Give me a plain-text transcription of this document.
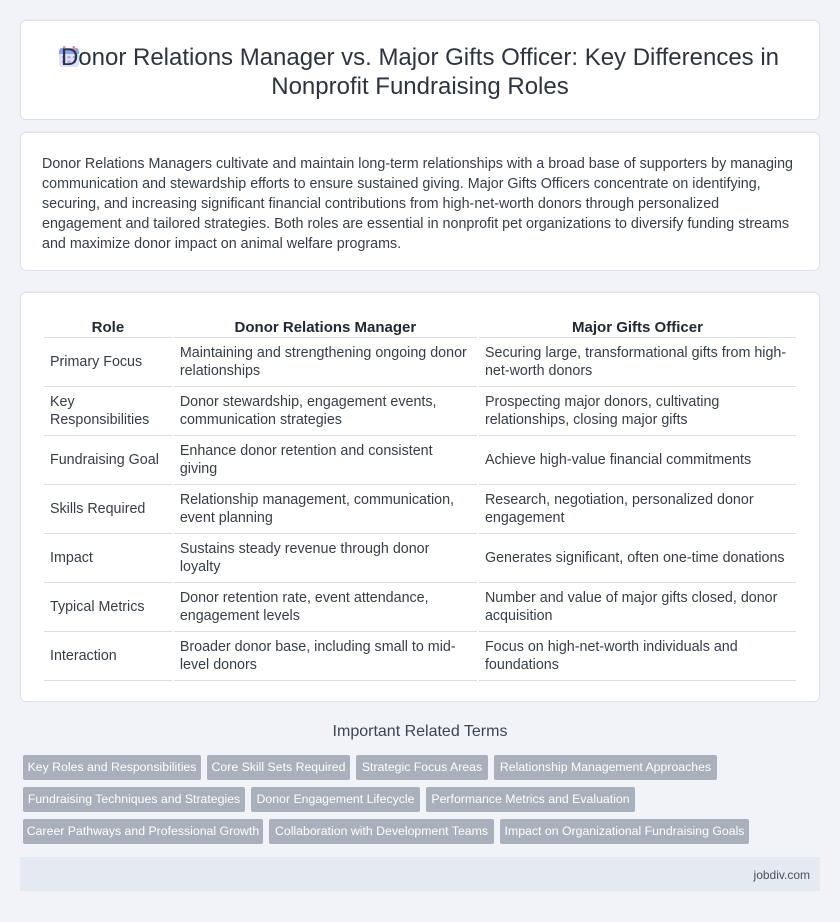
Donor Relations Manager vs. Major Gifts Officer: Key Differences in Nonprofit Fundraising Roles

Donor Relations Managers cultivate and maintain long-term relationships with a broad base of supporters by managing communication and stewardship efforts to ensure sustained giving. Major Gifts Officers concentrate on identifying, securing, and increasing significant financial contributions from high-net-worth donors through personalized engagement and tailored strategies. Both roles are essential in nonprofit pet organizations to diversify funding streams and maximize donor impact on animal welfare programs.

Role	Donor Relations Manager	Major Gifts Officer
Primary Focus	Maintaining and strengthening ongoing donor relationships	Securing large, transformational gifts from high-net-worth donors
Key Responsibilities	Donor stewardship, engagement events, communication strategies	Prospecting major donors, cultivating relationships, closing major gifts
Fundraising Goal	Enhance donor retention and consistent giving	Achieve high-value financial commitments
Skills Required	Relationship management, communication, event planning	Research, negotiation, personalized donor engagement
Impact	Sustains steady revenue through donor loyalty	Generates significant, often one-time donations
Typical Metrics	Donor retention rate, event attendance, engagement levels	Number and value of major gifts closed, donor acquisition
Interaction	Broader donor base, including small to mid-level donors	Focus on high-net-worth individuals and foundations
Important Related Terms
Key Roles and Responsibilities	Core Skill Sets Required	Strategic Focus Areas	Relationship Management Approaches
Fundraising Techniques and Strategies	Donor Engagement Lifecycle	Performance Metrics and Evaluation
Career Pathways and Professional Growth	Collaboration with Development Teams	Impact on Organizational Fundraising Goals
jobdiv.com
